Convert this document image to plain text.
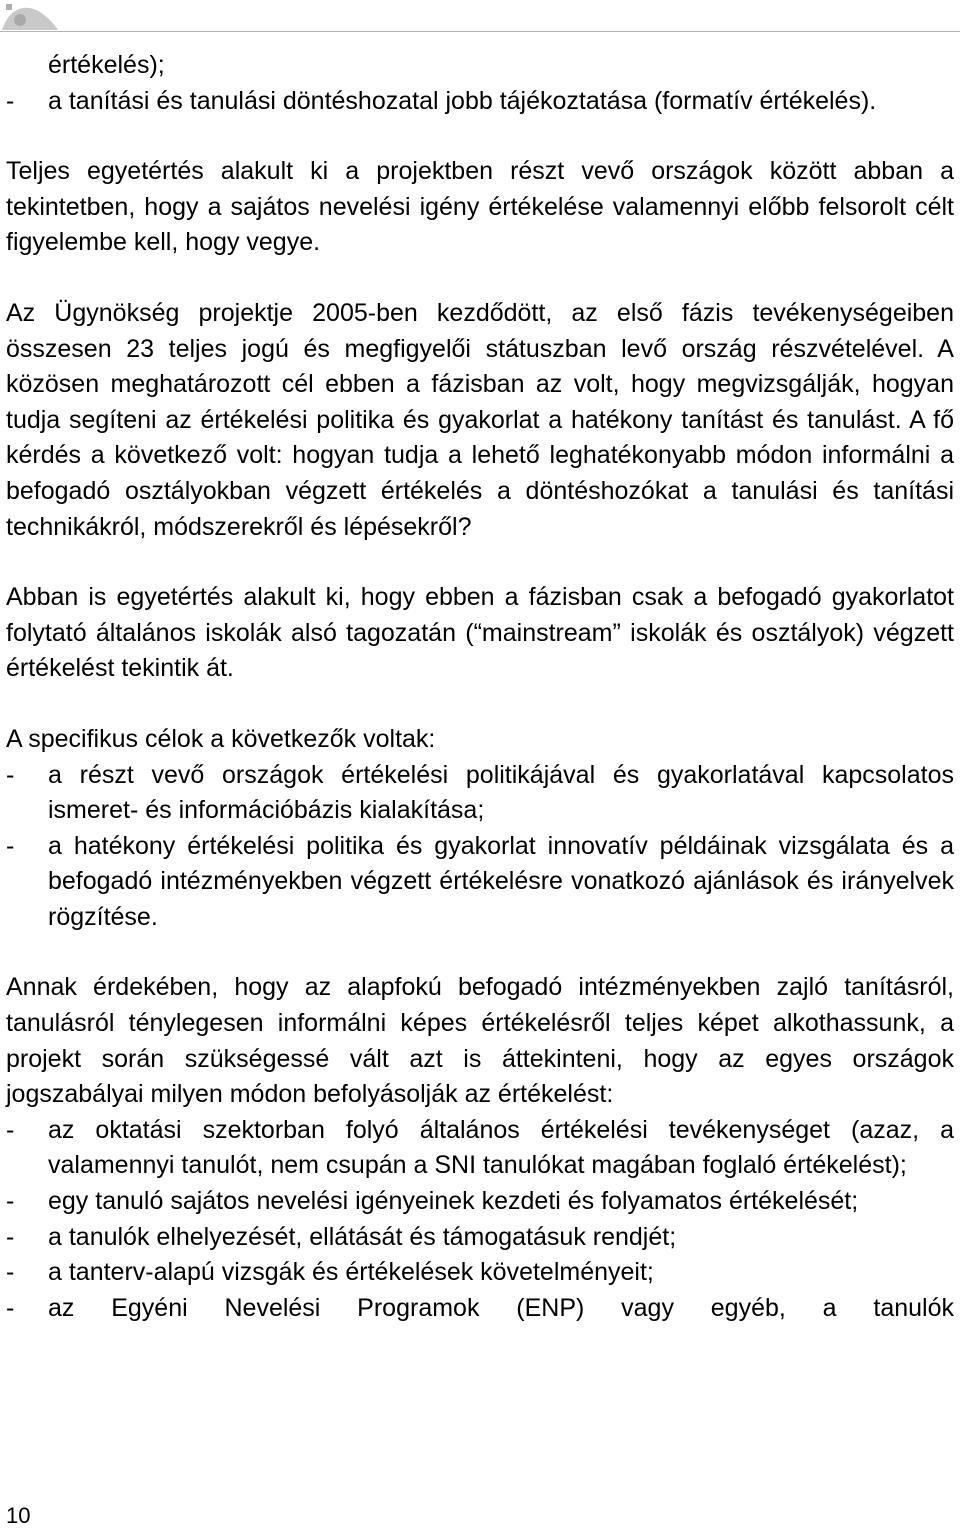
értékelés);
-	a tanítási és tanulási döntéshozatal jobb tájékoztatása (formatív értékelés).

Teljes egyetértés alakult ki a projektben részt vevő országok között abban a tekintetben, hogy a sajátos nevelési igény értékelése valamennyi előbb felsorolt célt figyelembe kell, hogy vegye.

Az Ügynökség projektje 2005-ben kezdődött, az első fázis tevékenységeiben összesen 23 teljes jogú és megfigyelői státuszban levő ország részvételével. A közösen meghatározott cél ebben a fázisban az volt, hogy megvizsgálják, hogyan tudja segíteni az értékelési politika és gyakorlat a hatékony tanítást és tanulást. A fő kérdés a következő volt: hogyan tudja a lehető leghatékonyabb módon informálni a befogadó osztályokban végzett értékelés a döntéshozókat a tanulási és tanítási technikákról, módszerekről és lépésekről?

Abban is egyetértés alakult ki, hogy ebben a fázisban csak a befogadó gyakorlatot folytató általános iskolák alsó tagozatán (“mainstream” iskolák és osztályok) végzett értékelést tekintik át.

A specifikus célok a következők voltak:

-	a részt vevő országok értékelési politikájával és gyakorlatával kapcsolatos ismeret- és információbázis kialakítása;
-	a hatékony értékelési politika és gyakorlat innovatív példáinak vizsgálata és a befogadó intézményekben végzett értékelésre vonatkozó ajánlások és irányelvek rögzítése.

Annak érdekében, hogy az alapfokú befogadó intézményekben zajló tanításról, tanulásról ténylegesen informálni képes értékelésről teljes képet alkothassunk, a projekt során szükségessé vált azt is áttekinteni, hogy az egyes országok jogszabályai milyen módon befolyásolják az értékelést:

-	az oktatási szektorban folyó általános értékelési tevékenységet (azaz, a valamennyi tanulót, nem csupán a SNI tanulókat magában foglaló értékelést);
-	egy tanuló sajátos nevelési igényeinek kezdeti és folyamatos értékelését;
-	a tanulók elhelyezését, ellátását és támogatásuk rendjét;
-	a tanterv-alapú vizsgák és értékelések követelményeit;
-	az Egyéni Nevelési Programok (ENP) vagy egyéb, a tanulók
10
